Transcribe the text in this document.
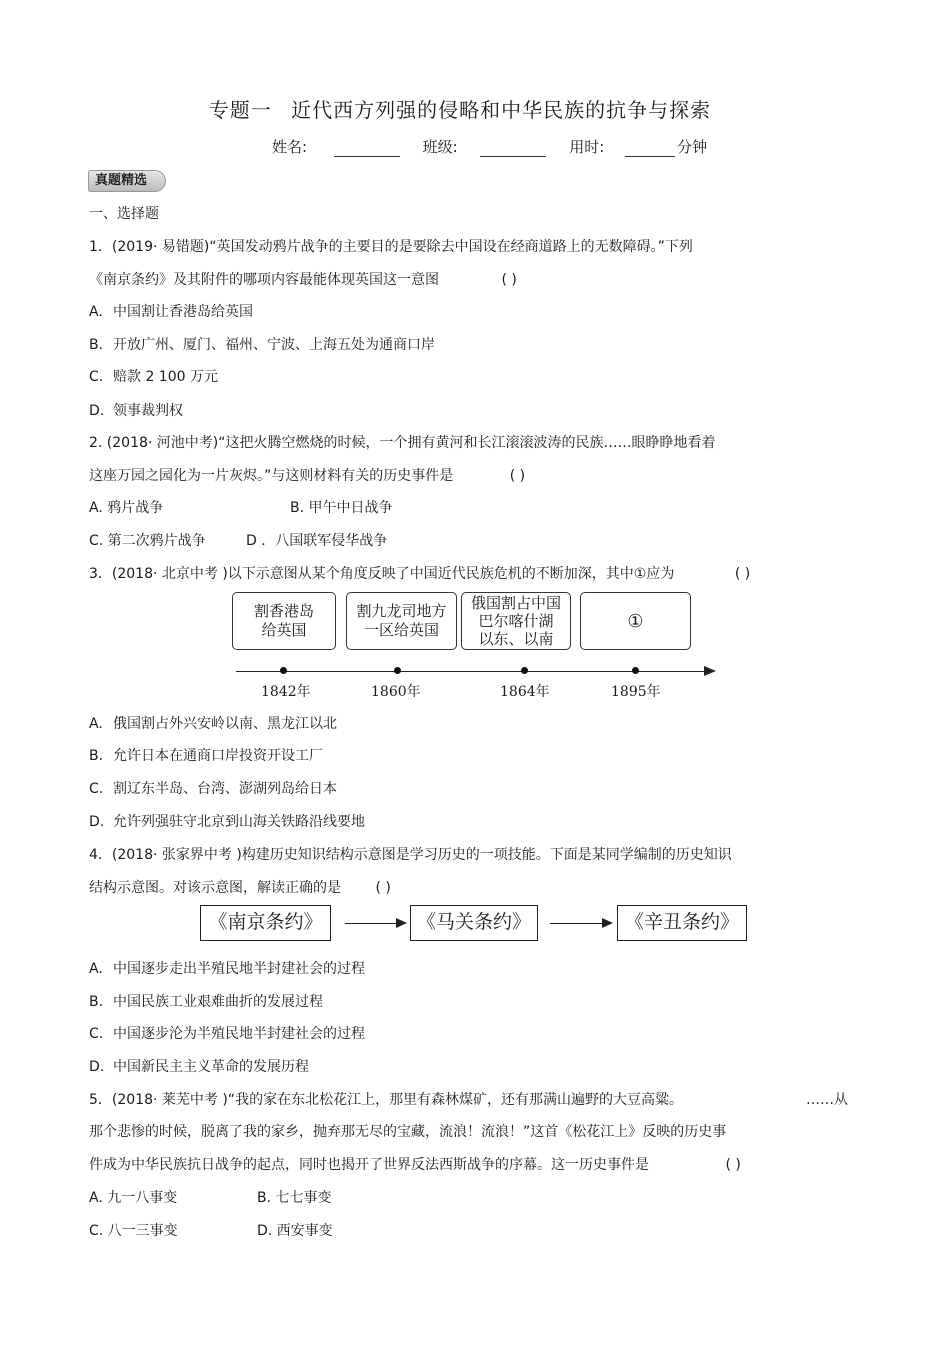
专题一 近代西方列强的侵略和中华民族的抗争与探索
姓名:	班级:	用时:	分钟
真题精选
一、选择题
1．(2019· 易错题)“英国发动鸦片战争的主要目的是要除去中国设在经商道路上的无数障碍。”下列
《南京条约》及其附件的哪项内容最能体现英国这一意图	( )
A. 中国割让香港岛给英国
B. 开放广州、厦门、福州、宁波、上海五处为通商口岸
C. 赔款 2 100 万元
D. 领事裁判权
2. (2018· 河池中考)“这把火腾空燃烧的时候，一个拥有黄河和长江滚滚波涛的民族……眼睁睁地看着
这座万园之园化为一片灰烬。”与这则材料有关的历史事件是	( )
A. 鸦片战争	B. 甲午中日战争
C. 第二次鸦片战争	D ．八国联军侵华战争
3．(2018· 北京中考 )以下示意图从某个角度反映了中国近代民族危机的不断加深，其中①应为	( )
割香港岛
给英国
割九龙司地方
一区给英国
俄国割占中国
巴尔喀什湖
以东、以南
①
1842年	1860年	1864年	1895年
A. 俄国割占外兴安岭以南、黑龙江以北
B. 允许日本在通商口岸投资开设工厂
C. 割辽东半岛、台湾、澎湖列岛给日本
D. 允许列强驻守北京到山海关铁路沿线要地
4．(2018· 张家界中考 )构建历史知识结构示意图是学习历史的一项技能。下面是某同学编制的历史知识
结构示意图。对该示意图，解读正确的是 ( )
《南京条约》	《马关条约》	《辛丑条约》
A. 中国逐步走出半殖民地半封建社会的过程
B. 中国民族工业艰难曲折的发展过程
C. 中国逐步沦为半殖民地半封建社会的过程
D. 中国新民主主义革命的发展历程
5．(2018· 莱芜中考 )“我的家在东北松花江上，那里有森林煤矿，还有那满山遍野的大豆高粱。	……从
那个悲惨的时候，脱离了我的家乡，抛弃那无尽的宝藏，流浪！流浪！”这首《松花江上》反映的历史事
件成为中华民族抗日战争的起点，同时也揭开了世界反法西斯战争的序幕。这一历史事件是	( )
A. 九一八事变	B. 七七事变
C. 八一三事变	D. 西安事变
